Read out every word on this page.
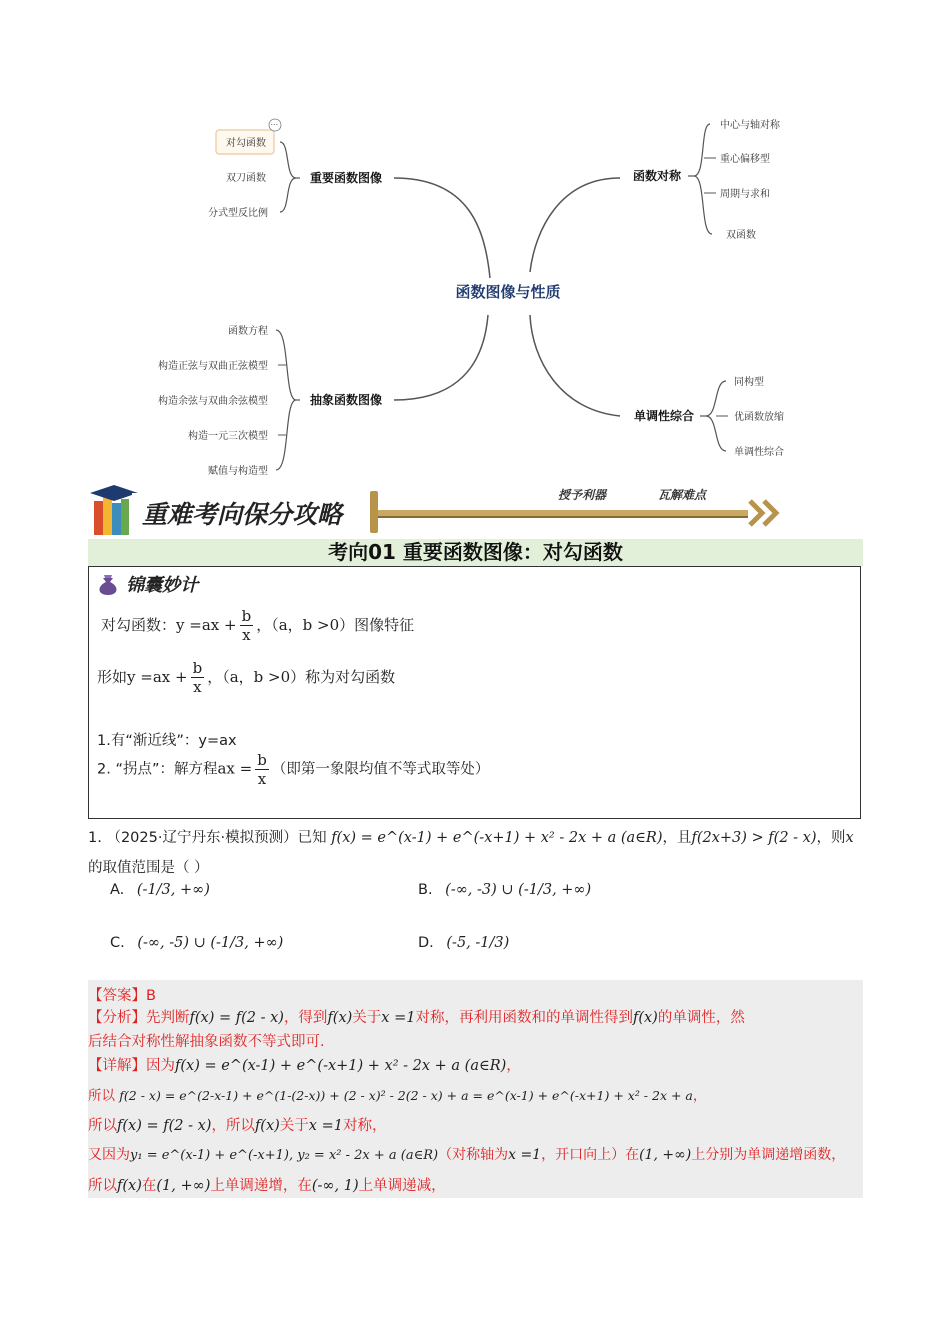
···
函数图像与性质
重要函数图像	函数对称
抽象函数图像
单调性综合
对勾函数
双刀函数
分式型反比例
中心与轴对称
重心偏移型
周期与求和
双函数
函数方程
构造正弦与双曲正弦模型
构造余弦与双曲余弦模型
构造一元三次模型
赋值与构造型
同构型
优函数放缩
单调性综合
重难考向保分攻略
授予利器	瓦解难点
考向01 重要函数图像：对勾函数
锦囊妙计
对勾函数：$y =ax + \frac{b}{x}$ ，（a，b >0）图像特征
形如$y =ax + \frac{b}{x}$ ，（a，b >0）称为对勾函数
1.有“渐近线”：y=ax
2. “拐点”：解方程ax = $\frac{b}{x}$ （即第一象限均值不等式取等处）
1. （2025·辽宁丹东·模拟预测）已知 f(x) = e^(x-1) + e^(-x+1) + x² - 2x + a (a∈R)，且f(2x+3) > f(2 - x)，则x
的取值范围是（ ）
A. (-1/3, +∞)	B. (-∞, -3) ∪ (-1/3, +∞)
C. (-∞, -5) ∪ (-1/3, +∞)	D. (-5, -1/3)
【答案】B
【分析】先判断f(x) = f(2 - x)，得到f(x)关于x =1对称，再利用函数和的单调性得到f(x)的单调性，然
后结合对称性解抽象函数不等式即可.
【详解】因为f(x) = e^(x-1) + e^(-x+1) + x² - 2x + a (a∈R)，
所以 f(2 - x) = e^(2-x-1) + e^(1-(2-x)) + (2 - x)² - 2(2 - x) + a = e^(x-1) + e^(-x+1) + x² - 2x + a，
所以f(x) = f(2 - x)，所以f(x)关于x =1对称，
又因为y₁ = e^(x-1) + e^(-x+1), y₂ = x² - 2x + a (a∈R)（对称轴为x =1，开口向上）在(1, +∞)上分别为单调递增函数，
所以f(x)在(1, +∞)上单调递增，在(-∞, 1)上单调递减，
